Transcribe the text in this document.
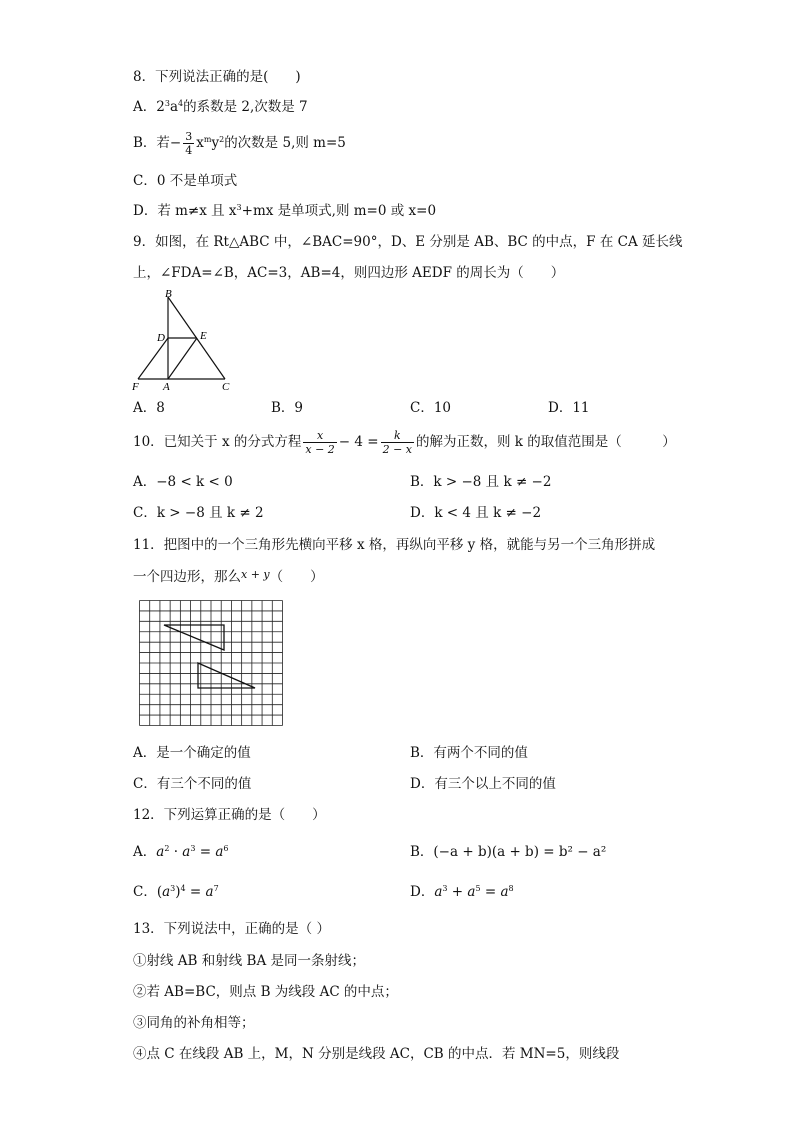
8．下列说法正确的是(　　)
A．$2^3a^4$的系数是 2,次数是 7
B．若− $\frac{3}{4} x^my^2$的次数是 5,则 m=5
C．0 不是单项式
D．若 m≠x 且 $x^3+mx$ 是单项式,则 m=0 或 x=0
9．如图，在 Rt△ABC 中，∠BAC=90°，D、E 分别是 AB、BC 的中点，F 在 CA 延长线
上，∠FDA=∠B，AC=3，AB=4，则四边形 AEDF 的周长为（　　）
B
D	E
F A	C
A．8	B．9	C．10	D．11
10．已知关于 x 的分式方程 $\frac{x}{x - 2} - 4 = \frac{k}{2 - x}$ 的解为正数，则 k 的取值范围是（　　　）
A．−8 < k < 0	B．k > −8 且 k ≠ −2
C．k > −8 且 k ≠ 2	D．k < 4 且 k ≠ −2
11．把图中的一个三角形先横向平移 x 格，再纵向平移 y 格，就能与另一个三角形拼成
一个四边形，那么$^{x + y}$（　　）
A．是一个确定的值	B．有两个不同的值
C．有三个不同的值	D．有三个以上不同的值
12．下列运算正确的是（　　）
A．$a^2 \cdot a^3 = a^6$	B．(−a + b)(a + b) = b² − a²
C．$(a^3)^4 = a^7$	D．$a^3 + a^5 = a^8$
13．下列说法中，正确的是（ ）
①射线 AB 和射线 BA 是同一条射线；
②若 AB=BC，则点 B 为线段 AC 的中点；
③同角的补角相等；
④点 C 在线段 AB 上，M，N 分别是线段 AC，CB 的中点．若 MN=5，则线段
